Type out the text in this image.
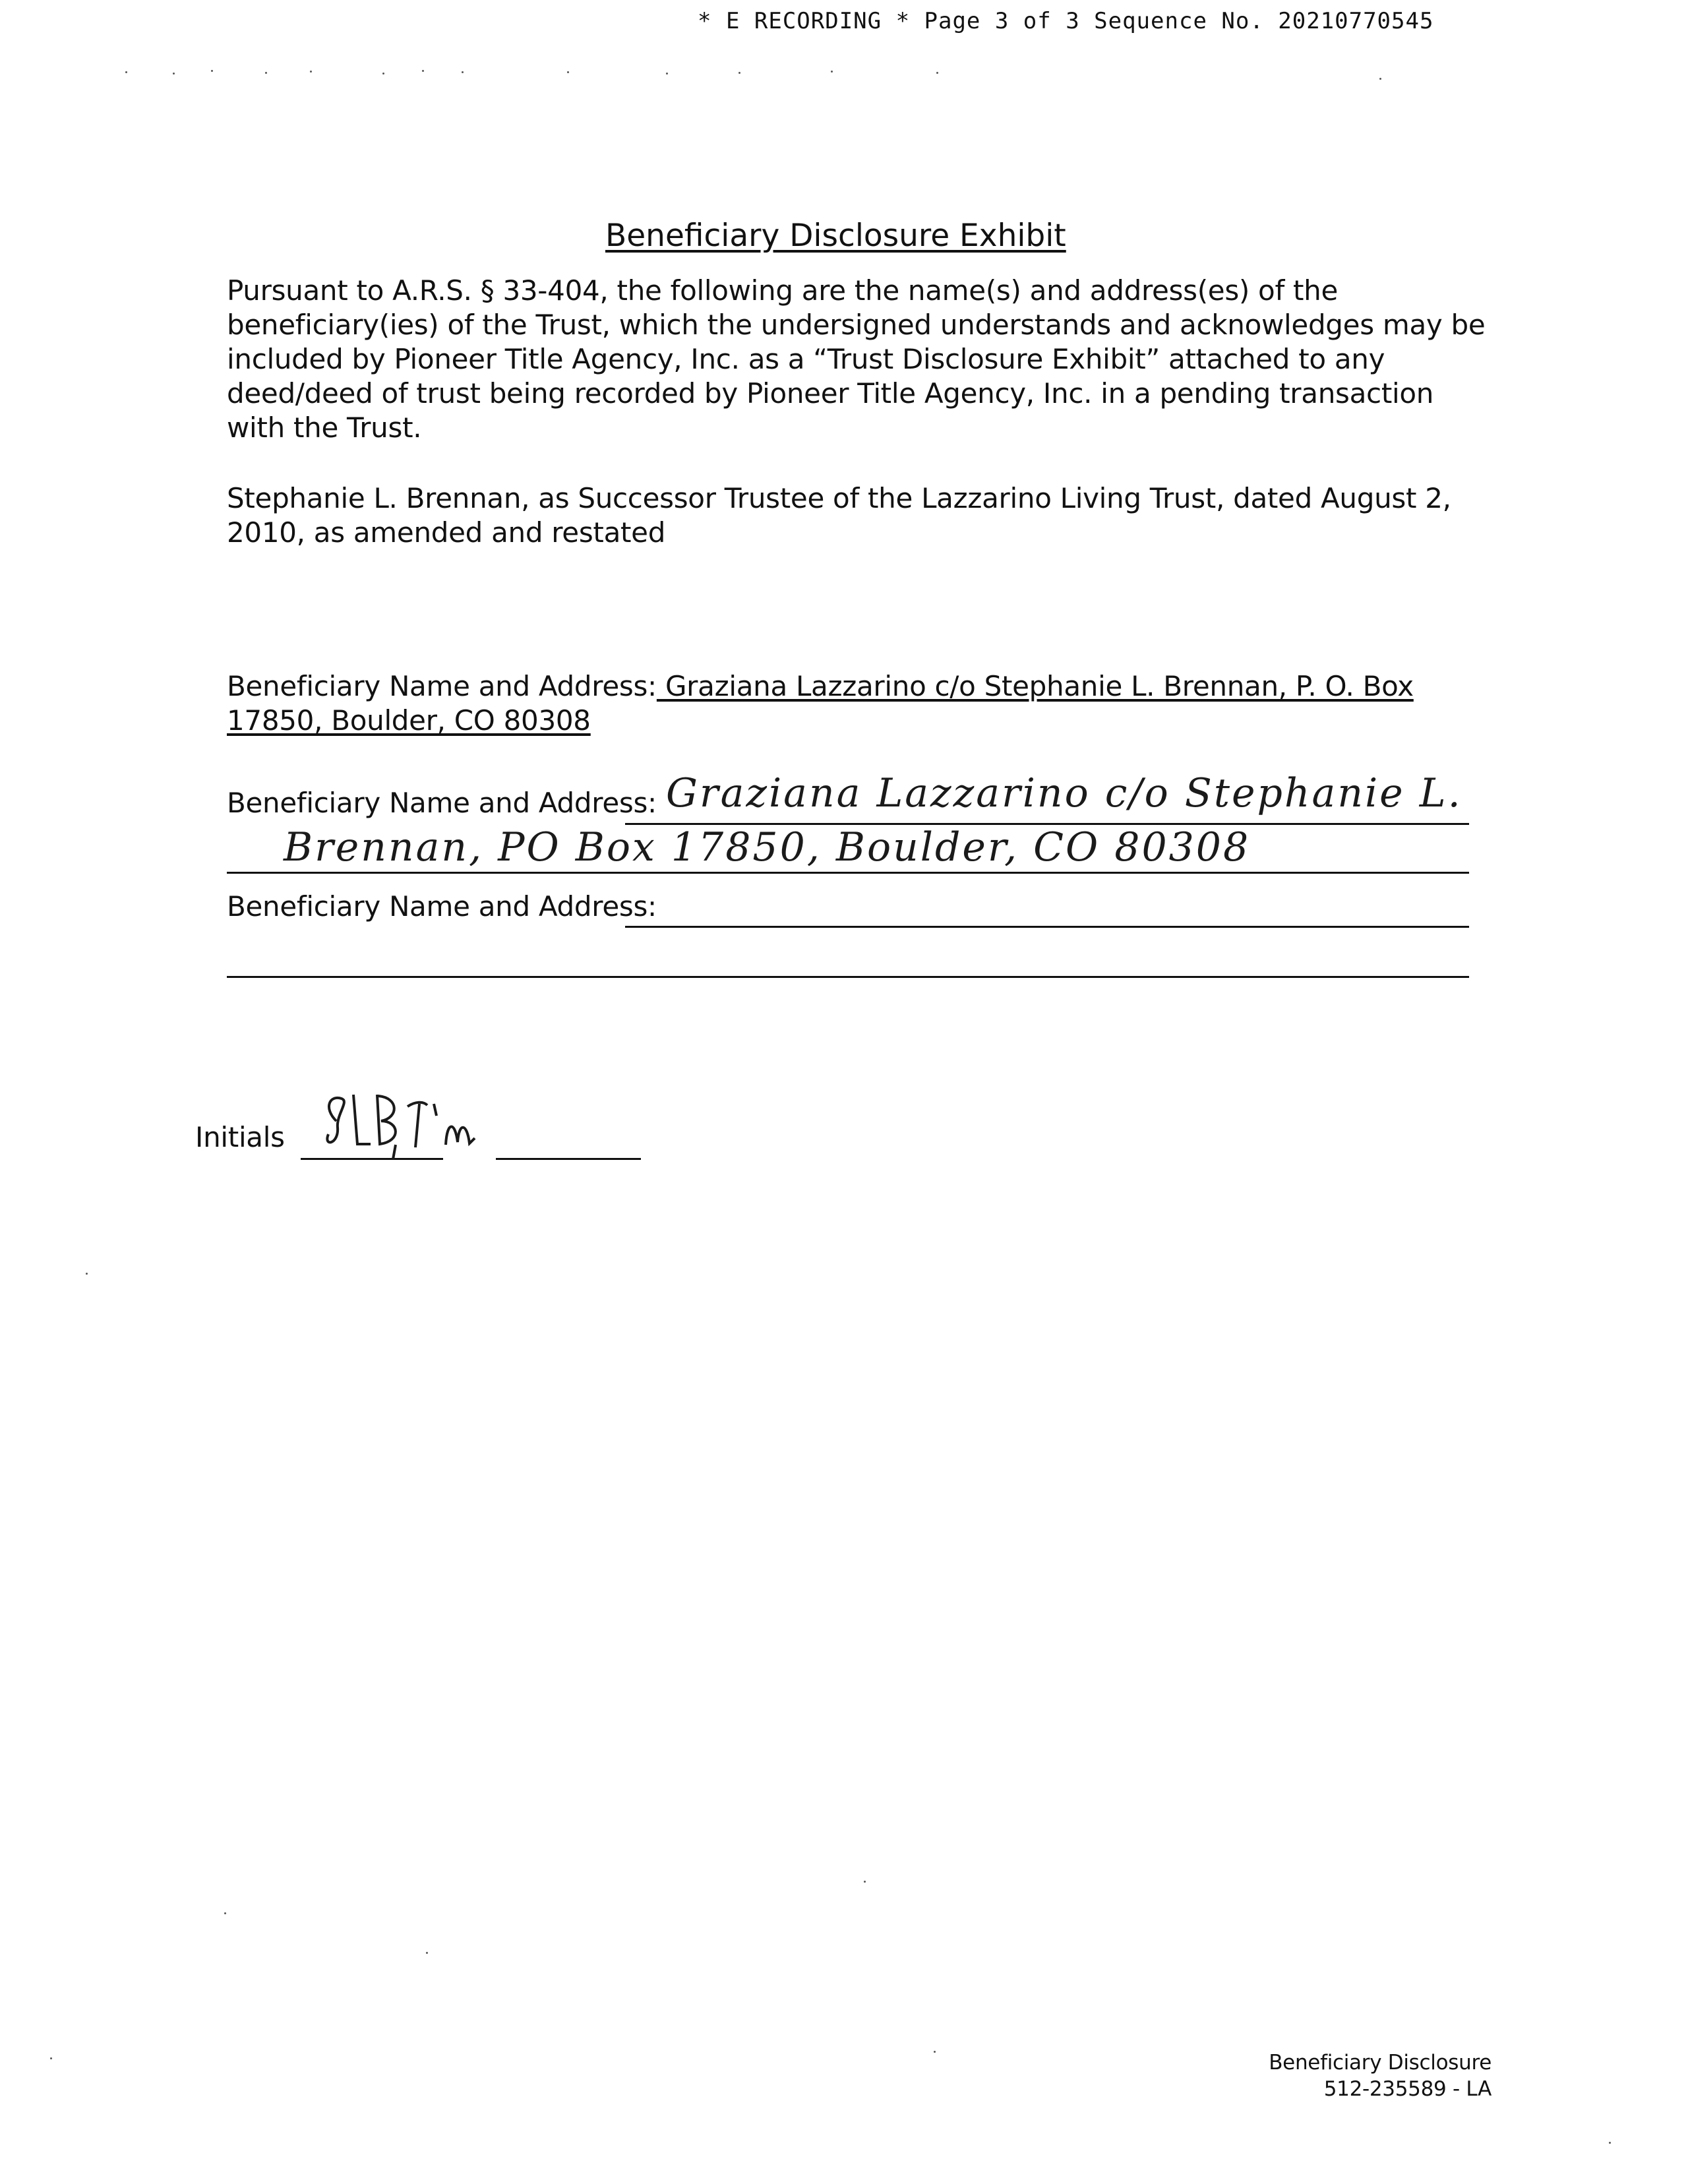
* E RECORDING * Page 3 of 3 Sequence No. 20210770545
Beneficiary Disclosure Exhibit
Pursuant to A.R.S. § 33-404, the following are the name(s) and address(es) of the beneficiary(ies) of the Trust, which the undersigned understands and acknowledges may be included by Pioneer Title Agency, Inc. as a “Trust Disclosure Exhibit” attached to any deed/deed of trust being recorded by Pioneer Title Agency, Inc. in a pending transaction with the Trust.
Stephanie L. Brennan, as Successor Trustee of the Lazzarino Living Trust, dated August 2, 2010, as amended and restated
Beneficiary Name and Address: Graziana Lazzarino c/o Stephanie L. Brennan, P. O. Box 17850, Boulder, CO 80308
Beneficiary Name and Address: Graziana Lazzarino c/o Stephanie L.
Brennan, PO Box 17850, Boulder, CO 80308
Beneficiary Name and Address:
Initials
Beneficiary Disclosure
512-235589 - LA
